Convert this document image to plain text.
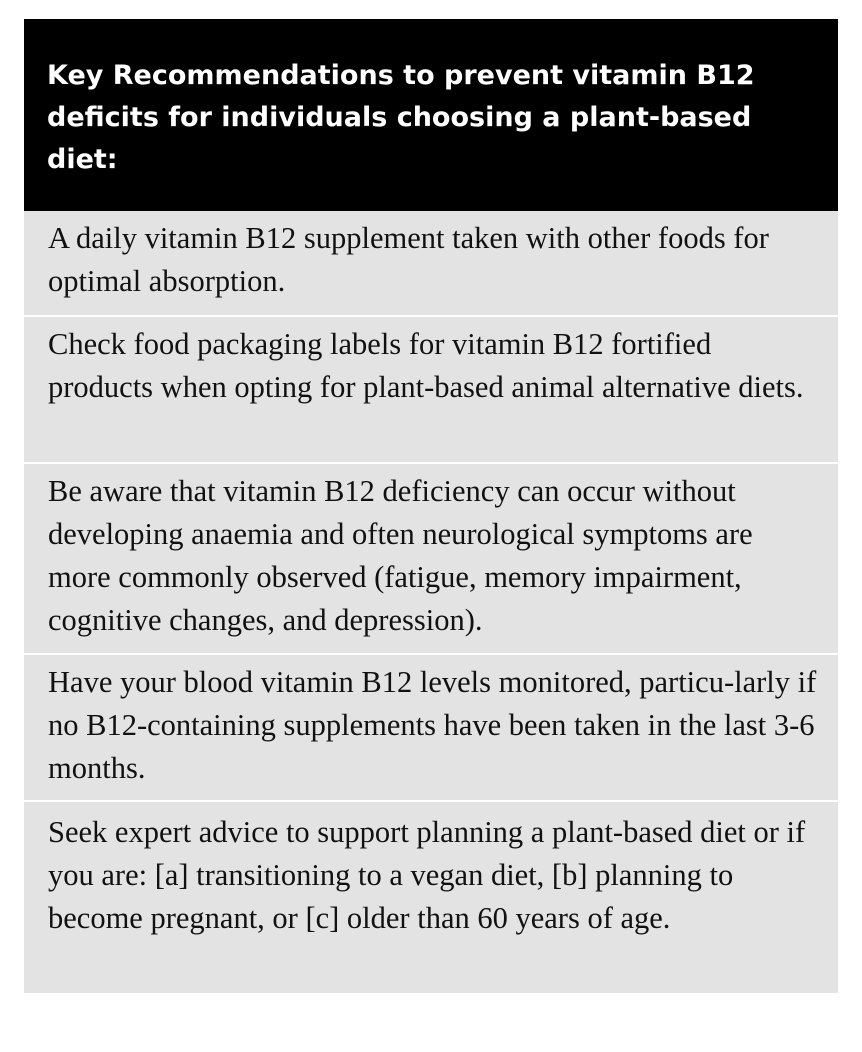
Key Recommendations to prevent vitamin B12 deficits for individuals choosing a plant-based diet:
A daily vitamin B12 supplement taken with other foods for optimal absorption.
Check food packaging labels for vitamin B12 fortified products when opting for plant-based animal alternative diets.
Be aware that vitamin B12 deficiency can occur without developing anaemia and often neurological symptoms are more commonly observed (fatigue, memory impairment, cognitive changes, and depression).
Have your blood vitamin B12 levels monitored, particu-larly if no B12-containing supplements have been taken in the last 3-6 months.
Seek expert advice to support planning a plant-based diet or if you are: [a] transitioning to a vegan diet, [b] planning to become pregnant, or [c] older than 60 years of age.
